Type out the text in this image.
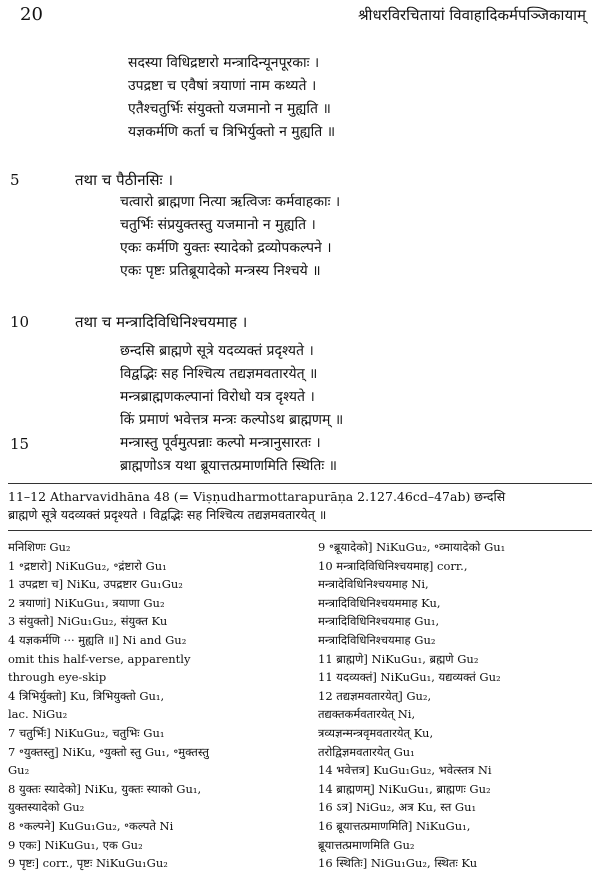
20	श्रीधरविरचितायां विवाहादिकर्मपञ्जिकायाम्
सदस्या विधिद्रष्टारो मन्त्रादिन्यूनपूरकाः ।
उपद्रष्टा च एवैषां त्रयाणां नाम कथ्यते ।
एतैश्चतुर्भिः संयुक्तो यजमानो न मुह्यति ॥
यज्ञकर्मणि कर्ता च त्रिभिर्युक्तो न मुह्यति ॥
5	तथा च पैठीनसिः ।
चत्वारो ब्राह्मणा नित्या ऋत्विजः कर्मवाहकाः ।
चतुर्भिः संप्रयुक्तस्तु यजमानो न मुह्यति ।
एकः कर्मणि युक्तः स्यादेको द्रव्योपकल्पने ।
एकः पृष्टः प्रतिब्रूयादेको मन्त्रस्य निश्चये ॥
10	तथा च मन्त्रादिविधिनिश्चयमाह ।
15
छन्दसि ब्राह्मणे सूत्रे यदव्यक्तं प्रदृश्यते ।
विद्वद्भिः सह निश्चित्य तद्यज्ञमवतारयेत् ॥
मन्त्रब्राह्मणकल्पानां विरोधो यत्र दृश्यते ।
किं प्रमाणं भवेत्तत्र मन्त्रः कल्पोऽथ ब्राह्मणम् ॥
मन्त्रास्तु पूर्वमुत्पन्नाः कल्पो मन्त्रानुसारतः ।
ब्राह्मणोऽत्र यथा ब्रूयात्तत्प्रमाणमिति स्थितिः ॥
11–12 Atharvavidhāna 48 (= Viṣṇudharmottarapurāṇa 2.127.46cd–47ab) छन्दसि
ब्राह्मणे सूत्रे यदव्यक्तं प्रदृश्यते । विद्वद्भिः सह निश्चित्य तद्यज्ञमवतारयेत् ॥
मनिशिणः Gu₂
1 ॰द्रष्टारो] NiKuGu₂, ॰द्रंष्टारो Gu₁
1 उपद्रष्टा च] NiKu, उपद्रष्टार Gu₁Gu₂
2 त्रयाणां] NiKuGu₁, त्रयाणा Gu₂
3 संयुक्तो] NiGu₁Gu₂, संयुक्त Ku
4 यज्ञकर्मणि ··· मुह्यति ॥] Ni and Gu₂
omit this half-verse, apparently
through eye-skip
4 त्रिभिर्युक्तो] Ku, त्रिभियुक्तो Gu₁,
lac. NiGu₂
7 चतुर्भिः] NiKuGu₂, चतुभिः Gu₁
7 ॰युक्तस्तु] NiKu, ॰युक्तो स्तु Gu₁, ॰मुक्तस्तु
Gu₂
8 युक्तः स्यादेको] NiKu, युक्तः स्याको Gu₁,
युक्तस्यादेको Gu₂
8 ॰कल्पने] KuGu₁Gu₂, ॰कल्पते Ni
9 एकः] NiKuGu₁, एक Gu₂
9 पृष्टः] corr., पृष्टः NiKuGu₁Gu₂
9 ॰ब्रूयादेको] NiKuGu₂, ॰व्मायादेको Gu₁
10 मन्त्रादिविधिनिश्चयमाह] corr.,
मन्त्रादेविधिनिश्चयमाह Ni,
मन्त्रादिविधिनिश्चयममाह Ku,
मन्त्रादिविधिनिश्चयमाह Gu₁,
मन्त्रादिविधिनिश्चयमाह Gu₂
11 ब्राह्मणे] NiKuGu₁, ब्रह्मणे Gu₂
11 यदव्यक्तं] NiKuGu₁, यद्यव्यक्तं Gu₂
12 तद्यज्ञमवतारयेत्] Gu₂,
तद्यक्तकर्मवतारयेत् Ni,
त्रव्यज्ञन्मन्त्रवृमवतारयेत् Ku,
तरोद्विज्ञमवतारयेत् Gu₁
14 भवेत्तत्र] KuGu₁Gu₂, भवेत्स्तत्र Ni
14 ब्राह्मणम्] NiKuGu₁, ब्राह्मणः Gu₂
16 ऽत्र] NiGu₂, अत्र Ku, स्त Gu₁
16 ब्रूयात्तत्प्रमाणमिति] NiKuGu₁,
ब्रूयात्तत्प्रमाणमिति Gu₂
16 स्थितिः] NiGu₁Gu₂, स्थितः Ku
